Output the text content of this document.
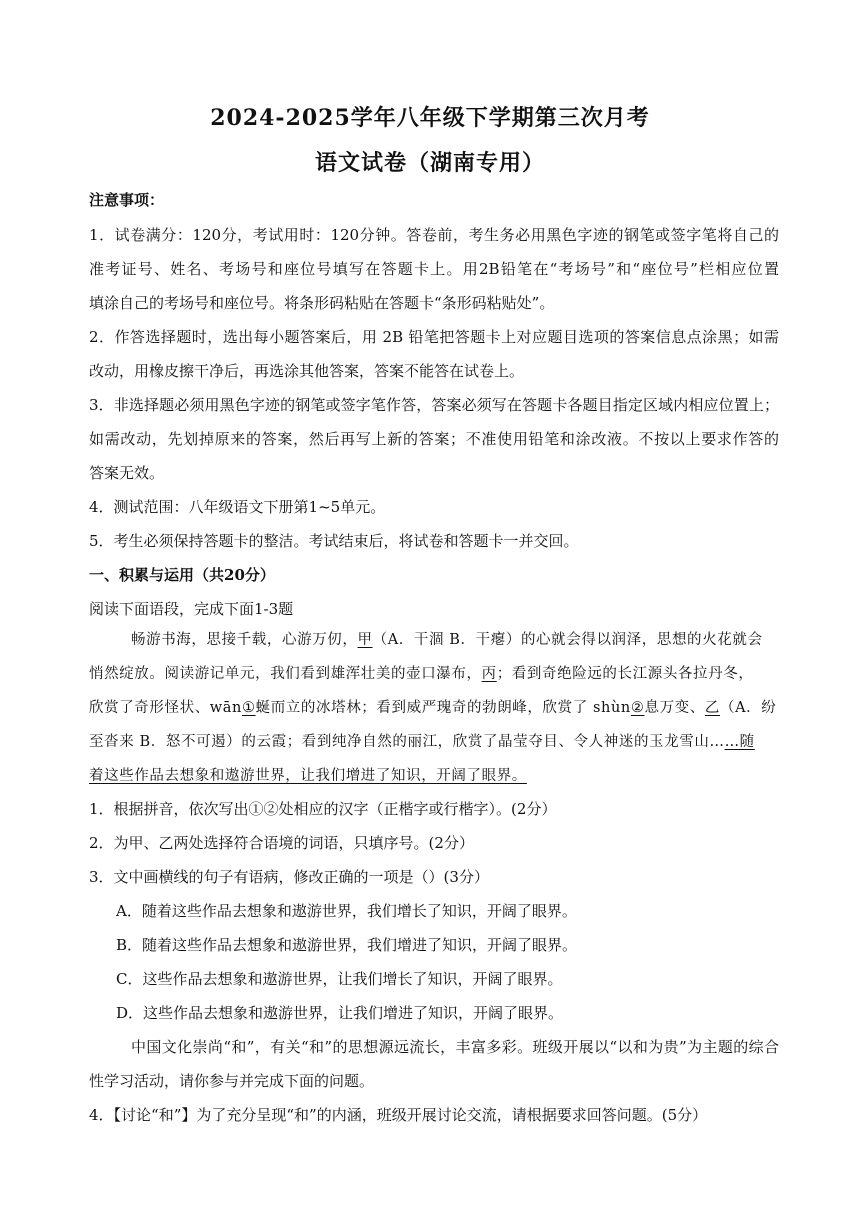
2024-2025学年八年级下学期第三次月考
语文试卷（湖南专用）
注意事项：
1．试卷满分：120分，考试用时：120分钟。答卷前，考生务必用黑色字迹的钢笔或签字笔将自己的
准考证号、姓名、考场号和座位号填写在答题卡上。用2B铅笔在“考场号”和“座位号”栏相应位置
填涂自己的考场号和座位号。将条形码粘贴在答题卡“条形码粘贴处”。
2．作答选择题时，选出每小题答案后，用 2B 铅笔把答题卡上对应题目选项的答案信息点涂黑；如需
改动，用橡皮擦干净后，再选涂其他答案，答案不能答在试卷上。
3．非选择题必须用黑色字迹的钢笔或签字笔作答，答案必须写在答题卡各题目指定区域内相应位置上；
如需改动，先划掉原来的答案，然后再写上新的答案；不准使用铅笔和涂改液。不按以上要求作答的
答案无效。
4．测试范围：八年级语文下册第1~5单元。
5．考生必须保持答题卡的整洁。考试结束后，将试卷和答题卡一并交回。
一、积累与运用（共20分）
阅读下面语段，完成下面1-3题
畅游书海，思接千载，心游万仞，甲（A．干涸 B．干瘪）的心就会得以润泽，思想的火花就会
悄然绽放。阅读游记单元，我们看到雄浑壮美的壶口瀑布，丙；看到奇绝险远的长江源头各拉丹冬，
欣赏了奇形怪状、wān①蜒而立的冰塔林；看到威严瑰奇的勃朗峰，欣赏了 shùn②息万变、乙（A．纷
至沓来 B．怒不可遏）的云霞；看到纯净自然的丽江，欣赏了晶莹夺目、令人神迷的玉龙雪山……随
着这些作品去想象和遨游世界，让我们增进了知识，开阔了眼界。
1．根据拼音，依次写出①②处相应的汉字（正楷字或行楷字）。(2分）
2．为甲、乙两处选择符合语境的词语，只填序号。(2分）
3．文中画横线的句子有语病，修改正确的一项是（）(3分）
A．随着这些作品去想象和遨游世界，我们增长了知识，开阔了眼界。
B．随着这些作品去想象和遨游世界，我们增进了知识，开阔了眼界。
C．这些作品去想象和遨游世界，让我们增长了知识，开阔了眼界。
D．这些作品去想象和遨游世界，让我们增进了知识，开阔了眼界。
中国文化崇尚“和”，有关“和”的思想源远流长，丰富多彩。班级开展以“以和为贵”为主题的综合
性学习活动，请你参与并完成下面的问题。
4．【讨论“和”】为了充分呈现“和”的内涵，班级开展讨论交流，请根据要求回答问题。(5分）
